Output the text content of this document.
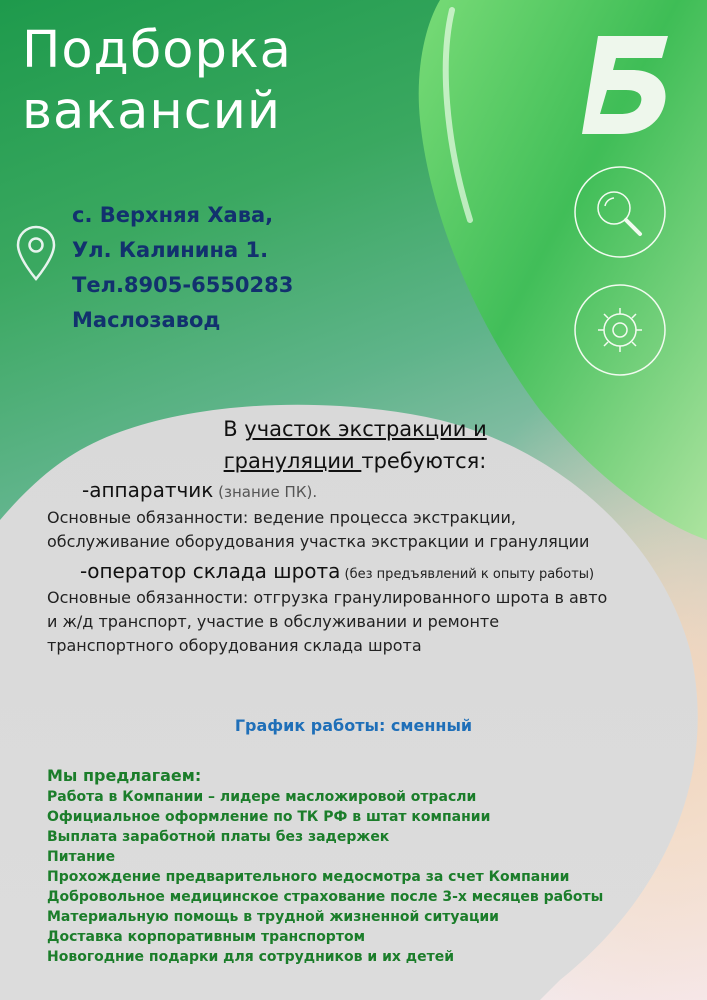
Подборка
вакансий
с. Верхняя Хава,
Ул. Калинина 1.
Тел.8905-6550283
Маслозавод
В участок экстракции и
грануляции требуются:
-аппаратчик (знание ПК).
Основные обязанности: ведение процесса экстракции,
обслуживание оборудования участка экстракции и грануляции
-оператор склада шрота (без предъявлений к опыту работы)
Основные обязанности: отгрузка гранулированного шрота в авто
и ж/д транспорт, участие в обслуживании и ремонте
транспортного оборудования склада шрота
График работы: сменный
Мы предлагаем:
Работа в Компании – лидере масложировой отрасли
Официальное оформление по ТК РФ в штат компании
Выплата заработной платы без задержек
Питание
Прохождение предварительного медосмотра за счет Компании
Добровольное медицинское страхование после 3-х месяцев работы
Материальную помощь в трудной жизненной ситуации
Доставка корпоративным транспортом
Новогодние подарки для сотрудников и их детей
